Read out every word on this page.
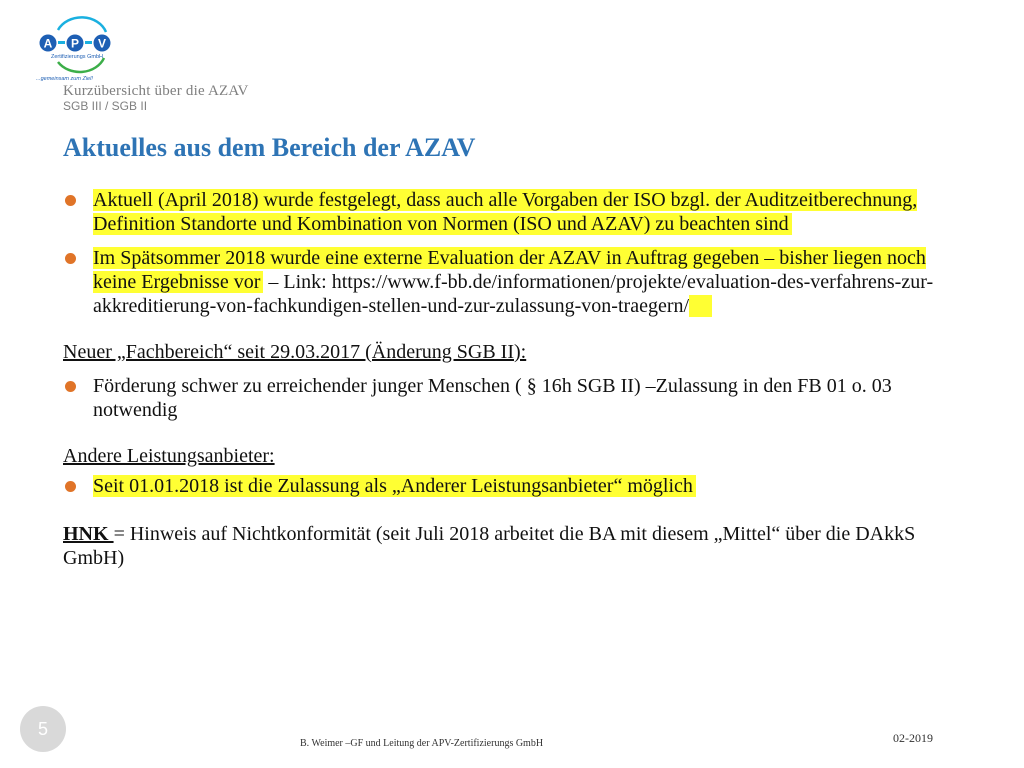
A P V
Zertifizierungs GmbH
...gemeinsam zum Ziel!
Kurzübersicht über die AZAV
SGB III / SGB II
Aktuelles aus dem Bereich der AZAV
Aktuell (April 2018) wurde festgelegt, dass auch alle Vorgaben der ISO bzgl. der Auditzeitberechnung, Definition Standorte und Kombination von Normen (ISO und AZAV) zu beachten sind
Im Spätsommer 2018 wurde eine externe Evaluation der AZAV in Auftrag gegeben – bisher liegen noch keine Ergebnisse vor – Link: https://www.f-bb.de/informationen/projekte/evaluation-des-verfahrens-zur-akkreditierung-von-fachkundigen-stellen-und-zur-zulassung-von-traegern/
Neuer „Fachbereich“ seit 29.03.2017 (Änderung SGB II):
Förderung schwer zu erreichender junger Menschen ( § 16h SGB II) –Zulassung in den FB 01 o. 03 notwendig
Andere Leistungsanbieter:
Seit 01.01.2018 ist die Zulassung als „Anderer Leistungsanbieter“ möglich
HNK = Hinweis auf Nichtkonformität (seit Juli 2018 arbeitet die BA mit diesem „Mittel“ über die DAkkS GmbH)
5
B. Weimer –GF und Leitung der APV-Zertifizierungs GmbH	02-2019
